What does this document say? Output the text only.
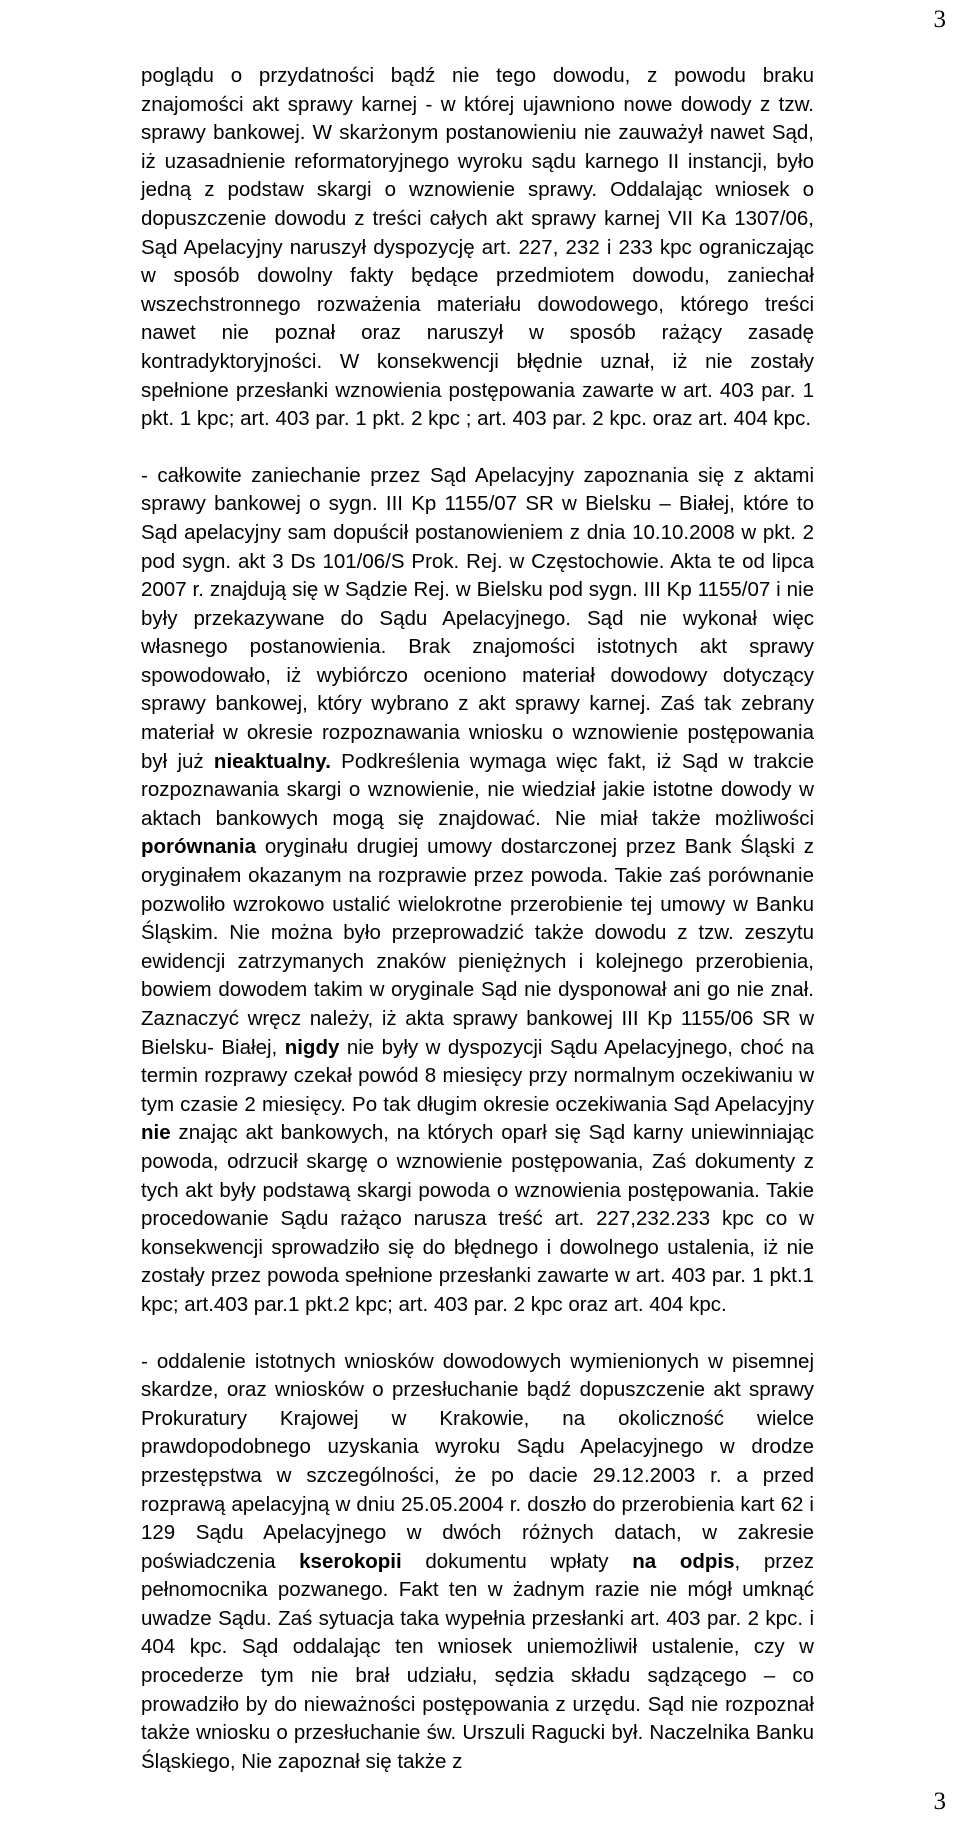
3

poglądu o przydatności bądź nie tego dowodu, z powodu braku znajomości akt sprawy karnej - w której ujawniono nowe dowody z tzw. sprawy bankowej. W skarżonym postanowieniu nie zauważył nawet Sąd, iż uzasadnienie reformatoryjnego wyroku sądu karnego II instancji, było jedną z podstaw skargi o wznowienie sprawy. Oddalając wniosek o dopuszczenie dowodu z treści całych akt sprawy karnej VII Ka 1307/06, Sąd Apelacyjny naruszył dyspozycję art. 227, 232 i 233 kpc ograniczając w sposób dowolny fakty będące przedmiotem dowodu, zaniechał wszechstronnego rozważenia materiału dowodowego, którego treści nawet nie poznał oraz naruszył w sposób rażący zasadę kontradyktoryjności. W konsekwencji błędnie uznał, iż nie zostały spełnione przesłanki wznowienia postępowania zawarte w art. 403 par. 1 pkt. 1 kpc; art. 403 par. 1 pkt. 2 kpc ; art. 403 par. 2 kpc. oraz art. 404 kpc.

- całkowite zaniechanie przez Sąd Apelacyjny zapoznania się z aktami sprawy bankowej o sygn. III Kp 1155/07 SR w Bielsku – Białej, które to Sąd apelacyjny sam dopuścił postanowieniem z dnia 10.10.2008 w pkt. 2 pod sygn. akt 3 Ds 101/06/S Prok. Rej. w Częstochowie. Akta te od lipca 2007 r. znajdują się w Sądzie Rej. w Bielsku pod sygn. III Kp 1155/07 i nie były przekazywane do Sądu Apelacyjnego. Sąd nie wykonał więc własnego postanowienia. Brak znajomości istotnych akt sprawy spowodowało, iż wybiórczo oceniono materiał dowodowy dotyczący sprawy bankowej, który wybrano z akt sprawy karnej. Zaś tak zebrany materiał w okresie rozpoznawania wniosku o wznowienie postępowania był już nieaktualny. Podkreślenia wymaga więc fakt, iż Sąd w trakcie rozpoznawania skargi o wznowienie, nie wiedział jakie istotne dowody w aktach bankowych mogą się znajdować. Nie miał także możliwości porównania oryginału drugiej umowy dostarczonej przez Bank Śląski z oryginałem okazanym na rozprawie przez powoda. Takie zaś porównanie pozwoliło wzrokowo ustalić wielokrotne przerobienie tej umowy w Banku Śląskim. Nie można było przeprowadzić także dowodu z tzw. zeszytu ewidencji zatrzymanych znaków pieniężnych i kolejnego przerobienia, bowiem dowodem takim w oryginale Sąd nie dysponował ani go nie znał. Zaznaczyć wręcz należy, iż akta sprawy bankowej III Kp 1155/06 SR w Bielsku- Białej, nigdy nie były w dyspozycji Sądu Apelacyjnego, choć na termin rozprawy czekał powód 8 miesięcy przy normalnym oczekiwaniu w tym czasie 2 miesięcy. Po tak długim okresie oczekiwania Sąd Apelacyjny nie znając akt bankowych, na których oparł się Sąd karny uniewinniając powoda, odrzucił skargę o wznowienie postępowania, Zaś dokumenty z tych akt były podstawą skargi powoda o wznowienia postępowania. Takie procedowanie Sądu rażąco narusza treść art. 227,232.233 kpc co w konsekwencji sprowadziło się do błędnego i dowolnego ustalenia, iż nie zostały przez powoda spełnione przesłanki zawarte w art. 403 par. 1 pkt.1 kpc; art.403 par.1 pkt.2 kpc; art. 403 par. 2 kpc oraz art. 404 kpc.

- oddalenie istotnych wniosków dowodowych wymienionych w pisemnej skardze, oraz wniosków o przesłuchanie bądź dopuszczenie akt sprawy Prokuratury Krajowej w Krakowie, na okoliczność wielce prawdopodobnego uzyskania wyroku Sądu Apelacyjnego w drodze przestępstwa w szczególności, że po dacie 29.12.2003 r. a przed rozprawą apelacyjną w dniu 25.05.2004 r. doszło do przerobienia kart 62 i 129 Sądu Apelacyjnego w dwóch różnych datach, w zakresie poświadczenia kserokopii dokumentu wpłaty na odpis, przez pełnomocnika pozwanego. Fakt ten w żadnym razie nie mógł umknąć uwadze Sądu. Zaś sytuacja taka wypełnia przesłanki art. 403 par. 2 kpc. i 404 kpc. Sąd oddalając ten wniosek uniemożliwił ustalenie, czy w procederze tym nie brał udziału, sędzia składu sądzącego – co prowadziło by do nieważności postępowania z urzędu. Sąd nie rozpoznał także wniosku o przesłuchanie św. Urszuli Ragucki był. Naczelnika Banku Śląskiego, Nie zapoznał się także z

3
